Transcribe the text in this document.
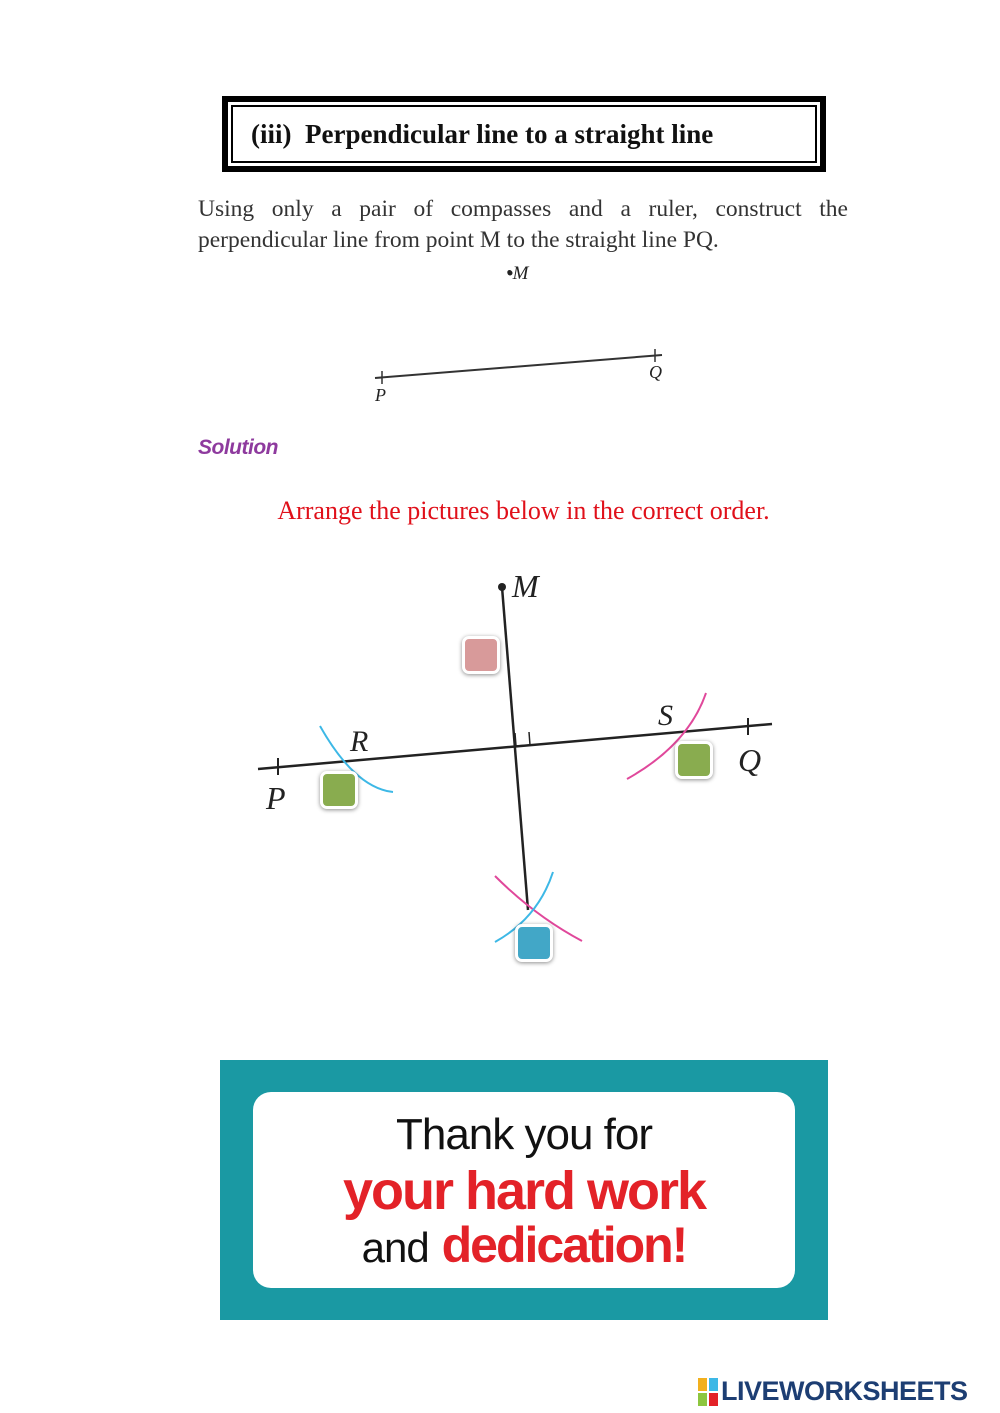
(iii)  Perpendicular line to a straight line
Using only a pair of compasses and a ruler, construct the perpendicular line from point M to the straight line PQ.
•M
P
Q
Solution
Arrange the pictures below in the correct order.
M
R
S
P
Q
Thank you for
your hard work
and dedication!
LIVEWORKSHEETS
